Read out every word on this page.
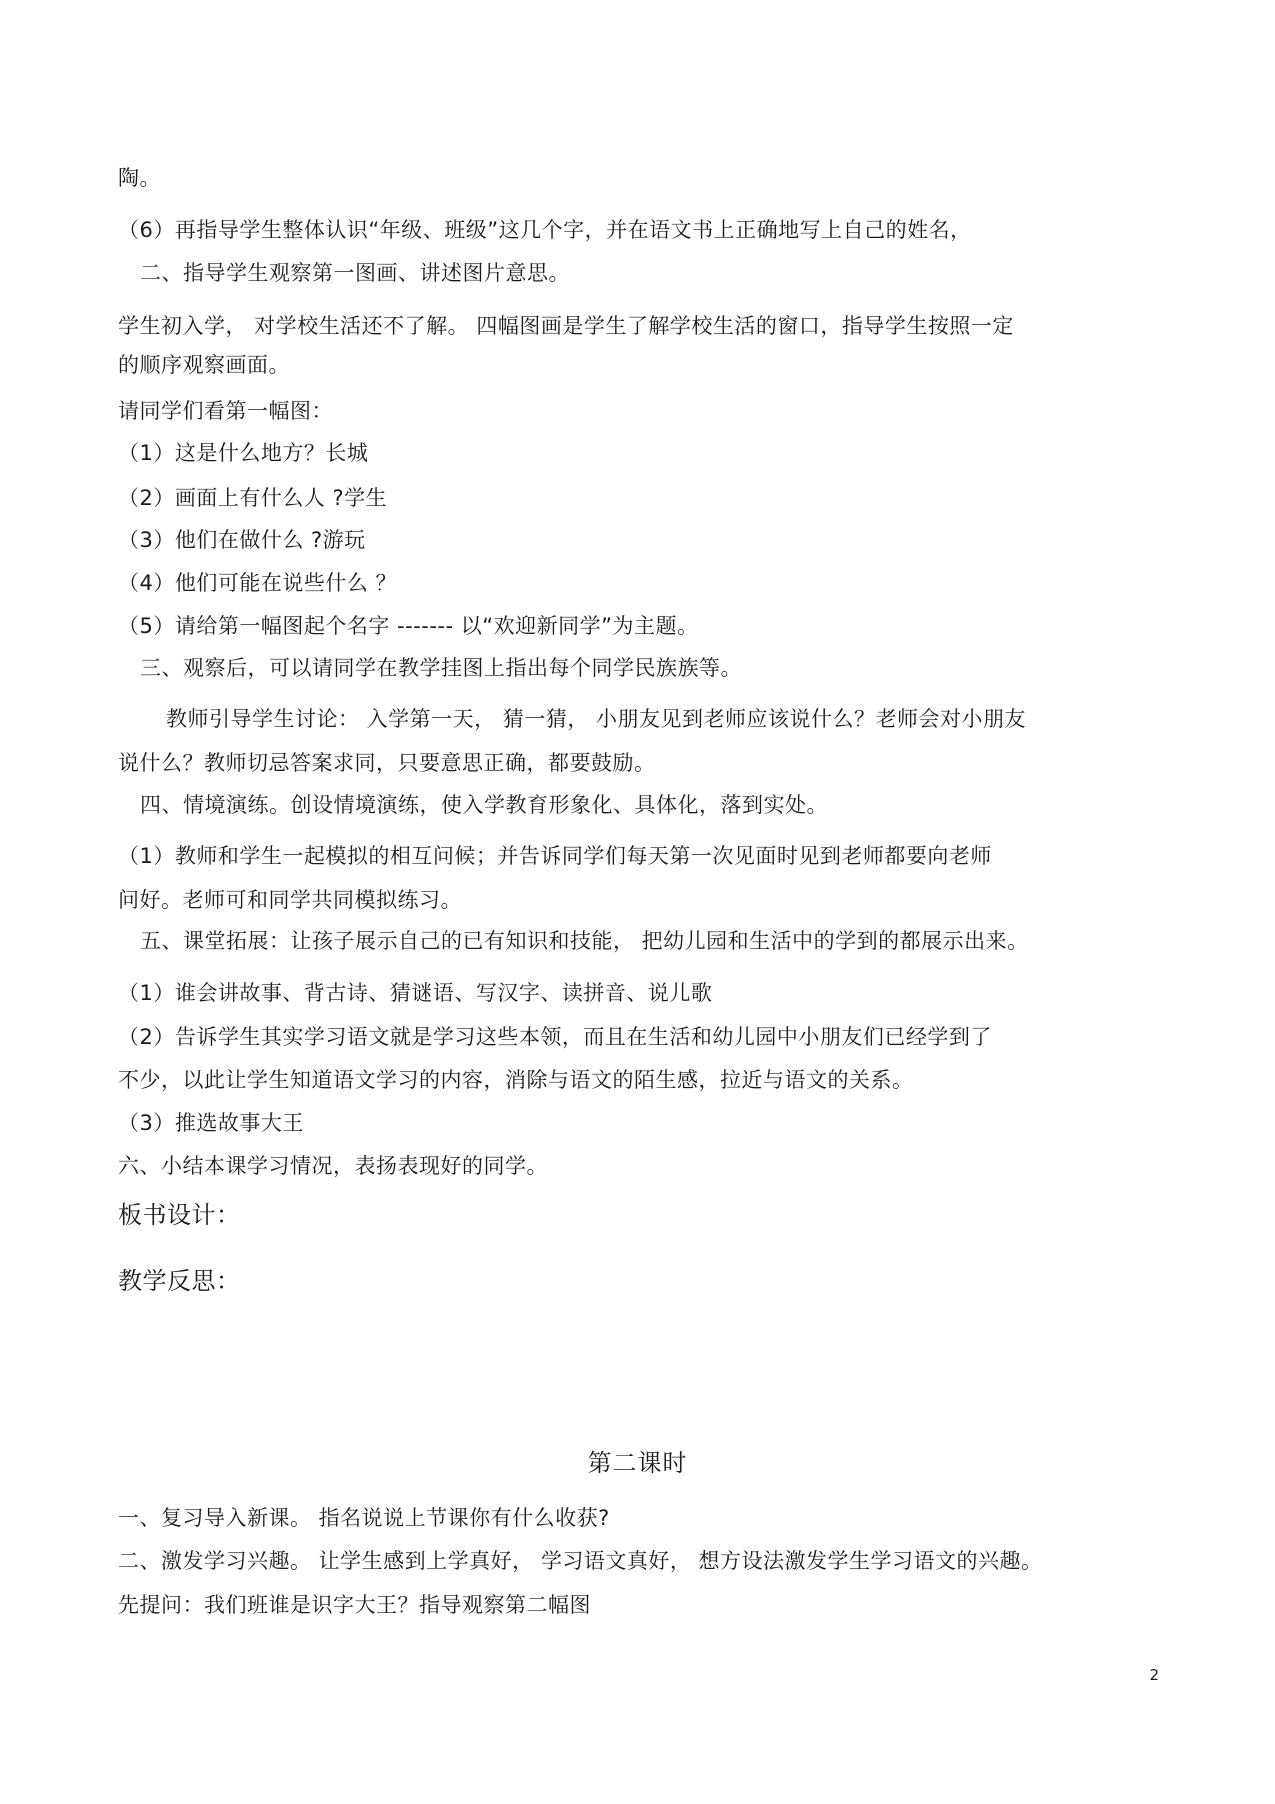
陶。
（6）再指导学生整体认识“年级、班级”这几个字，并在语文书上正确地写上自己的姓名，
二、指导学生观察第一图画、讲述图片意思。
学生初入学， 对学校生活还不了解。 四幅图画是学生了解学校生活的窗口，指导学生按照一定
的顺序观察画面。
请同学们看第一幅图：
（1）这是什么地方？长城
（2）画面上有什么人 ?学生
（3）他们在做什么 ?游玩
（4）他们可能在说些什么 ？
（5）请给第一幅图起个名字 ------- 以“欢迎新同学”为主题。
三、观察后，可以请同学在教学挂图上指出每个同学民族族等。
教师引导学生讨论： 入学第一天， 猜一猜， 小朋友见到老师应该说什么？老师会对小朋友
说什么？教师切忌答案求同，只要意思正确，都要鼓励。
四、情境演练。创设情境演练，使入学教育形象化、具体化，落到实处。
（1）教师和学生一起模拟的相互问候；并告诉同学们每天第一次见面时见到老师都要向老师
问好。老师可和同学共同模拟练习。
五、课堂拓展：让孩子展示自己的已有知识和技能， 把幼儿园和生活中的学到的都展示出来。
（1）谁会讲故事、背古诗、猜谜语、写汉字、读拼音、说儿歌
（2）告诉学生其实学习语文就是学习这些本领，而且在生活和幼儿园中小朋友们已经学到了
不少，以此让学生知道语文学习的内容，消除与语文的陌生感，拉近与语文的关系。
（3）推选故事大王
六、小结本课学习情况，表扬表现好的同学。
板书设计：
教学反思：
第二课时
一、复习导入新课。 指名说说上节课你有什么收获?
二、激发学习兴趣。 让学生感到上学真好， 学习语文真好， 想方设法激发学生学习语文的兴趣。
先提问：我们班谁是识字大王？指导观察第二幅图
2
